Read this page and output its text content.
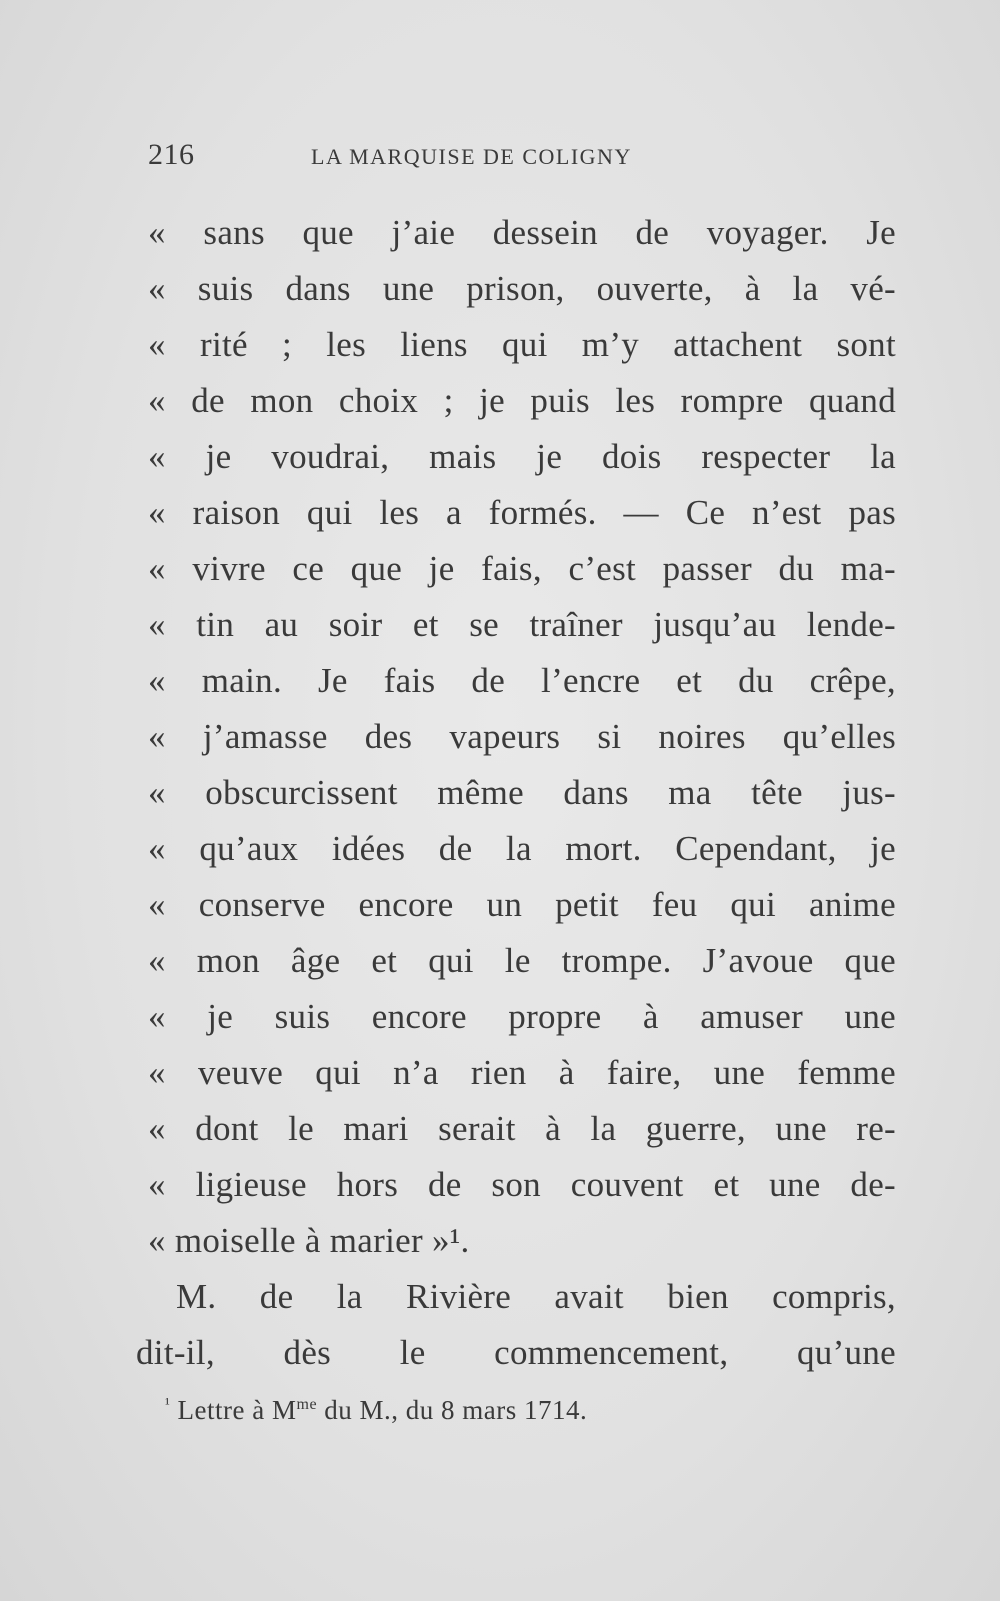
216	LA MARQUISE DE COLIGNY
« sans que j’aie dessein de voyager. Je
« suis dans une prison, ouverte, à la vé-
« rité ; les liens qui m’y attachent sont
« de mon choix ; je puis les rompre quand
« je voudrai, mais je dois respecter la
« raison qui les a formés. — Ce n’est pas
« vivre ce que je fais, c’est passer du ma-
« tin au soir et se traîner jusqu’au lende-
« main. Je fais de l’encre et du crêpe,
« j’amasse des vapeurs si noires qu’elles
« obscurcissent même dans ma tête jus-
« qu’aux idées de la mort. Cependant, je
« conserve encore un petit feu qui anime
« mon âge et qui le trompe. J’avoue que
« je suis encore propre à amuser une
« veuve qui n’a rien à faire, une femme
« dont le mari serait à la guerre, une re-
« ligieuse hors de son couvent et une de-
« moiselle à marier »¹.
M. de la Rivière avait bien compris,
dit-il, dès le commencement, qu’une
$^{^1}$ Lettre à $M^{me}$ du M., du 8 mars 1714.
